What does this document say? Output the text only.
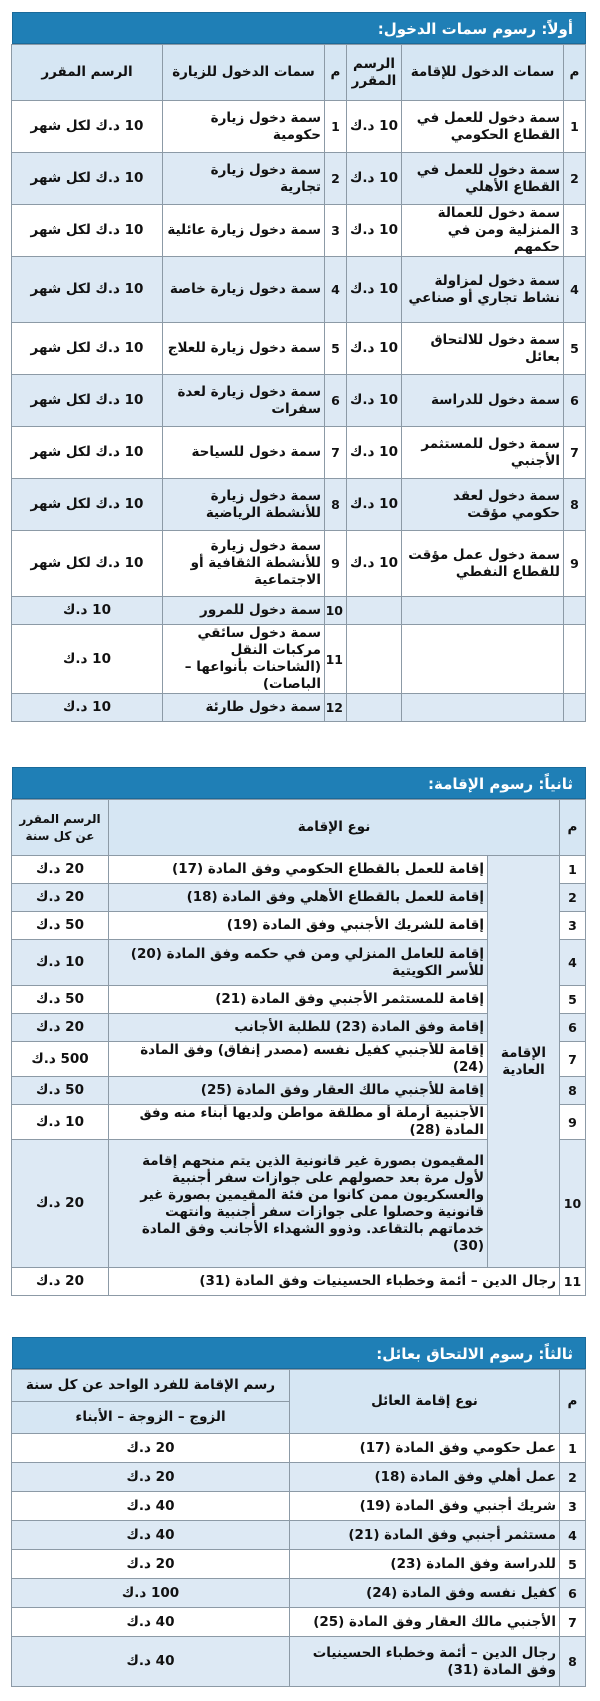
أولاً: رسوم سمات الدخول:
م	سمات الدخول للإقامة	الرسم المقرر	م	سمات الدخول للزيارة	الرسم المقرر
1	سمة دخول للعمل في القطاع الحكومي	10 د.ك	1	سمة دخول زيارة حكومية	10 د.ك لكل شهر
2	سمة دخول للعمل في القطاع الأهلي	10 د.ك	2	سمة دخول زيارة تجارية	10 د.ك لكل شهر
3	سمة دخول للعمالة المنزلية ومن في حكمهم	10 د.ك	3	سمة دخول زيارة عائلية	10 د.ك لكل شهر
4	سمة دخول لمزاولة نشاط تجاري أو صناعي	10 د.ك	4	سمة دخول زيارة خاصة	10 د.ك لكل شهر
5	سمة دخول للالتحاق بعائل	10 د.ك	5	سمة دخول زيارة للعلاج	10 د.ك لكل شهر
6	سمة دخول للدراسة	10 د.ك	6	سمة دخول زيارة لعدة سفرات	10 د.ك لكل شهر
7	سمة دخول للمستثمر الأجنبي	10 د.ك	7	سمة دخول للسياحة	10 د.ك لكل شهر
8	سمة دخول لعقد حكومي مؤقت	10 د.ك	8	سمة دخول زيارة للأنشطة الرياضية	10 د.ك لكل شهر
9	سمة دخول عمل مؤقت للقطاع النفطي	10 د.ك	9	سمة دخول زيارة للأنشطة الثقافية أو الاجتماعية	10 د.ك لكل شهر
			10	سمة دخول للمرور	10 د.ك
			11	سمة دخول سائقي مركبات النقل (الشاحنات بأنواعها – الباصات)	10 د.ك
			12	سمة دخول طارئة	10 د.ك
ثانياً: رسوم الإقامة:
م	نوع الإقامة		الرسم المقرر عن كل سنة
1	الإقامة العادية	إقامة للعمل بالقطاع الحكومي وفق المادة (17)	20 د.ك
2		إقامة للعمل بالقطاع الأهلي وفق المادة (18)	20 د.ك
3		إقامة للشريك الأجنبي وفق المادة (19)	50 د.ك
4		إقامة للعامل المنزلي ومن في حكمه وفق المادة (20) للأسر الكويتية	10 د.ك
5		إقامة للمستثمر الأجنبي وفق المادة (21)	50 د.ك
6		إقامة وفق المادة (23) للطلبة الأجانب	20 د.ك
7		إقامة للأجنبي كفيل نفسه (مصدر إنفاق) وفق المادة (24)	500 د.ك
8		إقامة للأجنبي مالك العقار وفق المادة (25)	50 د.ك
9		الأجنبية أرملة أو مطلقة مواطن ولديها أبناء منه وفق المادة (28)	10 د.ك
10		المقيمون بصورة غير قانونية الذين يتم منحهم إقامة لأول مرة بعد حصولهم على جوازات سفر أجنبية والعسكريون ممن كانوا من فئة المقيمين بصورة غير قانونية وحصلوا على جوازات سفر أجنبية وانتهت خدماتهم بالتقاعد. وذوو الشهداء الأجانب وفق المادة (30)	20 د.ك
11	رجال الدين – أئمة وخطباء الحسينيات وفق المادة (31)		20 د.ك
ثالثاً: رسوم الالتحاق بعائل:
م	نوع إقامة العائل	رسم الإقامة للفرد الواحد عن كل سنة
		الزوج – الزوجة – الأبناء
1	عمل حكومي وفق المادة (17)	20 د.ك
2	عمل أهلي وفق المادة (18)	20 د.ك
3	شريك أجنبي وفق المادة (19)	40 د.ك
4	مستثمر أجنبي وفق المادة (21)	40 د.ك
5	للدراسة وفق المادة (23)	20 د.ك
6	كفيل نفسه وفق المادة (24)	100 د.ك
7	الأجنبي مالك العقار وفق المادة (25)	40 د.ك
8	رجال الدين – أئمة وخطباء الحسينيات وفق المادة (31)	40 د.ك
